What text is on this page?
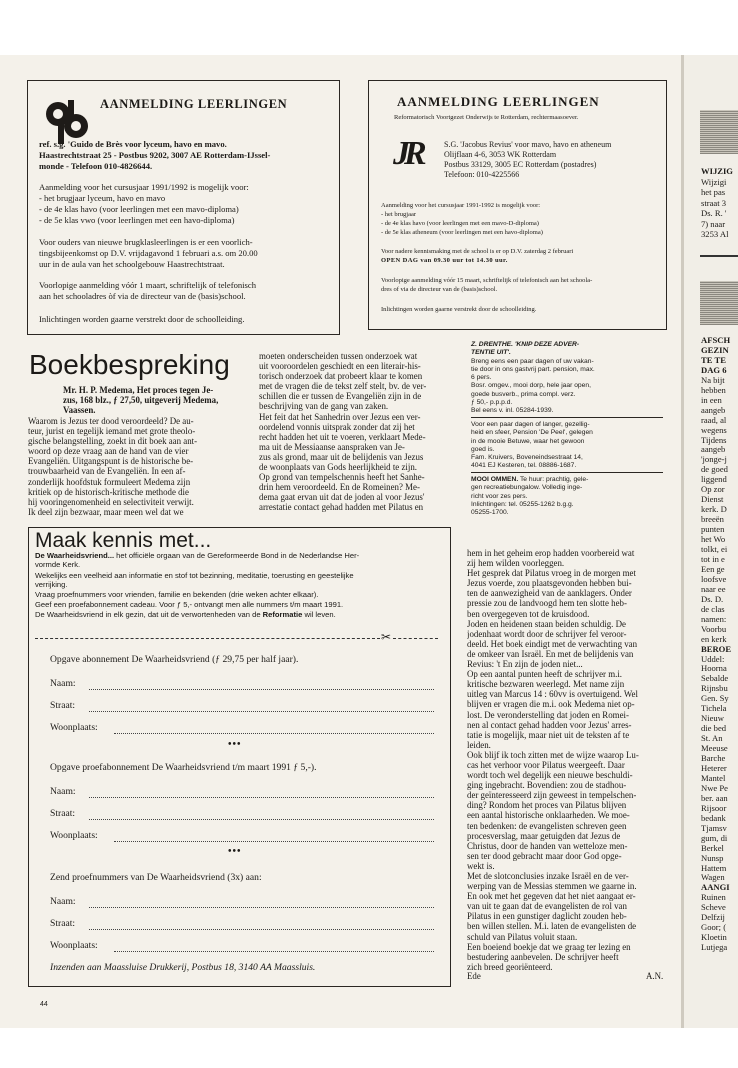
AANMELDING LEERLINGEN
ref. s.g. 'Guido de Brès voor lyceum, havo en mavo.
Haastrechtstraat 25 - Postbus 9202, 3007 AE Rotterdam-IJssel-
monde - Telefoon 010-4826644.
Aanmelding voor het cursusjaar 1991/1992 is mogelijk voor:
- het brugjaar lyceum, havo en mavo
- de 4e klas havo (voor leerlingen met een mavo-diploma)
- de 5e klas vwo (voor leerlingen met een havo-diploma)
Voor ouders van nieuwe brugklasleerlingen is er een voorlich-
tingsbijeenkomst op D.V. vrijdagavond 1 februari a.s. om 20.00
uur in de aula van het schoolgebouw Haastrechtstraat.
Voorlopige aanmelding vóór 1 maart, schriftelijk of telefonisch
aan het schooladres òf via de directeur van de (basis)school.
Inlichtingen worden gaarne verstrekt door de schoolleiding.
AANMELDING LEERLINGEN
Reformatorisch Voortgezet Onderwijs te Rotterdam, rechtermaasoever.
JR	S.G. 'Jacobus Revius' voor mavo, havo en atheneum
Olijflaan 4-6, 3053 WK Rotterdam
Postbus 33129, 3005 EC Rotterdam (postadres)
Telefoon: 010-4225566
Aanmelding voor het cursusjaar 1991-1992 is mogelijk voor:
- het brugjaar
- de 4e klas havo (voor leerlingen met een mavo-D-diploma)
- de 5e klas atheneum (voor leerlingen met een havo-diploma)
Voor nadere kennismaking met de school is er op D.V. zaterdag 2 februari
OPEN DAG van 09.30 uur tot 14.30 uur.
Voorlopige aanmelding vóór 15 maart, schriftelijk of telefonisch aan het schoola-
dres of via de directeur van de (basis)school.
Inlichtingen worden gaarne verstrekt door de schoolleiding.
Boekbespreking
Mr. H. P. Medema, Het proces tegen Je-
zus, 168 blz., ƒ 27,50, uitgeverij Medema,
Vaassen.
Waarom is Jezus ter dood veroordeeld? De au-
teur, jurist en tegelijk iemand met grote theolo-
gische belangstelling, zoekt in dit boek aan ant-
woord op deze vraag aan de hand van de vier
Evangeliën. Uitgangspunt is de historische be-
trouwbaarheid van de Evangeliën. In een af-
zonderlijk hoofdstuk formuleert Medema zijn
kritiek op de historisch-kritische methode die
hij vooringenomenheid en selectiviteit verwijt.
Ik deel zijn bezwaar, maar meen wel dat we
moeten onderscheiden tussen onderzoek wat
uit vooroordelen geschiedt en een literair-his-
torisch onderzoek dat probeert klaar te komen
met de vragen die de tekst zelf stelt, bv. de ver-
schillen die er tussen de Evangeliën zijn in de
beschrijving van de gang van zaken.
Het feit dat het Sanhedrin over Jezus een ver-
oordelend vonnis uitsprak zonder dat zij het
recht hadden het uit te voeren, verklaart Mede-
ma uit de Messiaanse aanspraken van Je-
zus als grond, maar uit de belijdenis van Jezus
de woonplaats van Gods heerlijkheid te zijn.
Op grond van tempelschennis heeft het Sanhe-
drin hem veroordeeld. En de Romeinen? Me-
dema gaat ervan uit dat de joden al voor Jezus'
arrestatie contact gehad hadden met Pilatus en
Z. DRENTHE. 'KNIP DEZE ADVER-
TENTIE UIT'.
Breng eens een paar dagen of uw vakan-
tie door in ons gastvrij part. pension, max.
6 pers.
Bosr. omgev., mooi dorp, hele jaar open,
goede busverb., prima compl. verz.
ƒ 50,- p.p.p.d.
Bel eens v. inl. 05284-1939.
Voor een paar dagen of langer, gezellig-
heid en sfeer, Pension 'De Peel', gelegen
in de mooie Betuwe, waar het gewoon
goed is.
Fam. Kruivers, Boveneindsestraat 14,
4041 EJ Kesteren, tel. 08886-1687.
MOOI OMMEN. Te huur: prachtig, gele-
gen recreatiebungalow. Volledig inge-
richt voor zes pers.
Inlichtingen: tel. 05255-1262 b.g.g.
05255-1700.
Maak kennis met...
De Waarheidsvriend... het officiële orgaan van de Gereformeerde Bond in de Nederlandse Her-
vormde Kerk.
Wekelijks een veelheid aan informatie en stof tot bezinning, meditatie, toerusting en geestelijke
verrijking.
Vraag proefnummers voor vrienden, familie en bekenden (drie weken achter elkaar).
Geef een proefabonnement cadeau. Voor ƒ 5,- ontvangt men alle nummers t/m maart 1991.
De Waarheidsvriend in elk gezin, dat uit de verwortenheden van de Reformatie wil leven.
✂
Opgave abonnement De Waarheidsvriend (ƒ 29,75 per half jaar).
Naam:
Straat:
Woonplaats:
•••
Opgave proefabonnement De Waarheidsvriend t/m maart 1991 ƒ 5,-).
Naam:
Straat:
Woonplaats:
•••
Zend proefnummers van De Waarheidsvriend (3x) aan:
Naam:
Straat:
Woonplaats:
Inzenden aan Maassluise Drukkerij, Postbus 18, 3140 AA Maassluis.
hem in het geheim erop hadden voorbereid wat
zij hem wilden voorleggen.
Het gesprek dat Pilatus vroeg in de morgen met
Jezus voerde, zou plaatsgevonden hebben bui-
ten de aanwezigheid van de aanklagers. Onder
pressie zou de landvoogd hem ten slotte heb-
ben overgegeven tot de kruisdood.
Joden en heidenen staan beiden schuldig. De
jodenhaat wordt door de schrijver fel veroor-
deeld. Het boek eindigt met de verwachting van
de omkeer van Israël. En met de belijdenis van
Revius: 't En zijn de joden niet...
Op een aantal punten heeft de schrijver m.i.
kritische bezwaren weerlegd. Met name zijn
uitleg van Marcus 14 : 60vv is overtuigend. Wel
blijven er vragen die m.i. ook Medema niet op-
lost. De veronderstelling dat joden en Romei-
nen al contact gehad hadden voor Jezus' arres-
tatie is mogelijk, maar niet uit de teksten af te
leiden.
Ook blijf ik toch zitten met de wijze waarop Lu-
cas het verhoor voor Pilatus weergeeft. Daar
wordt toch wel degelijk een nieuwe beschuldi-
ging ingebracht. Bovendien: zou de stadhou-
der geïnteresseerd zijn geweest in tempelschen-
ding? Rondom het proces van Pilatus blijven
een aantal historische onklaarheden. We moe-
ten bedenken: de evangelisten schreven geen
procesverslag, maar getuigden dat Jezus de
Christus, door de handen van wetteloze men-
sen ter dood gebracht maar door God opge-
wekt is.
Met de slotconclusies inzake Israël en de ver-
werping van de Messias stemmen we gaarne in.
En ook met het gegeven dat het niet aangaat er-
van uit te gaan dat de evangelisten de rol van
Pilatus in een gunstiger daglicht zouden heb-
ben willen stellen. M.i. laten de evangelisten de
schuld van Pilatus voluit staan.
Een boeiend boekje dat we graag ter lezing en
bestudering aanbevelen. De schrijver heeft
zich breed georiënteerd.
Ede	A.N.
44
WIJZIG
Wijzigi
het pas
straat 3
Ds. R. '
7) naar
3253 Al
AFSCH
GEZIN
TE TE
DAG 6
Na bijt
hebben
in een
aangeb
raad, al
wegens
Tijdens
aangeb
'jonge-j
de goed
liggend
Op zor
Dienst
kerk. D
breeën
punten
het Wo
tolkt, ei
tot in e
Een ge
loofsve
naar ee
Ds. D.
de clas
namen:
Voorbu
en kerk
BEROE
Uddel:
Hoorna
Sebalde
Rijnsbu
Gen. Sy
Tichela
Nieuw
die bed
St. An
Meeuse
Barche
Heterer
Mantel
Nwe Pe
ber. aan
Rijsoor
bedank
Tjamsv
gum, di
Berkel
Nunsp
Hattem
Wagen
AANGI
Ruinen
Scheve
Delfzij
Goor; (
Kloetin
Lutjega
